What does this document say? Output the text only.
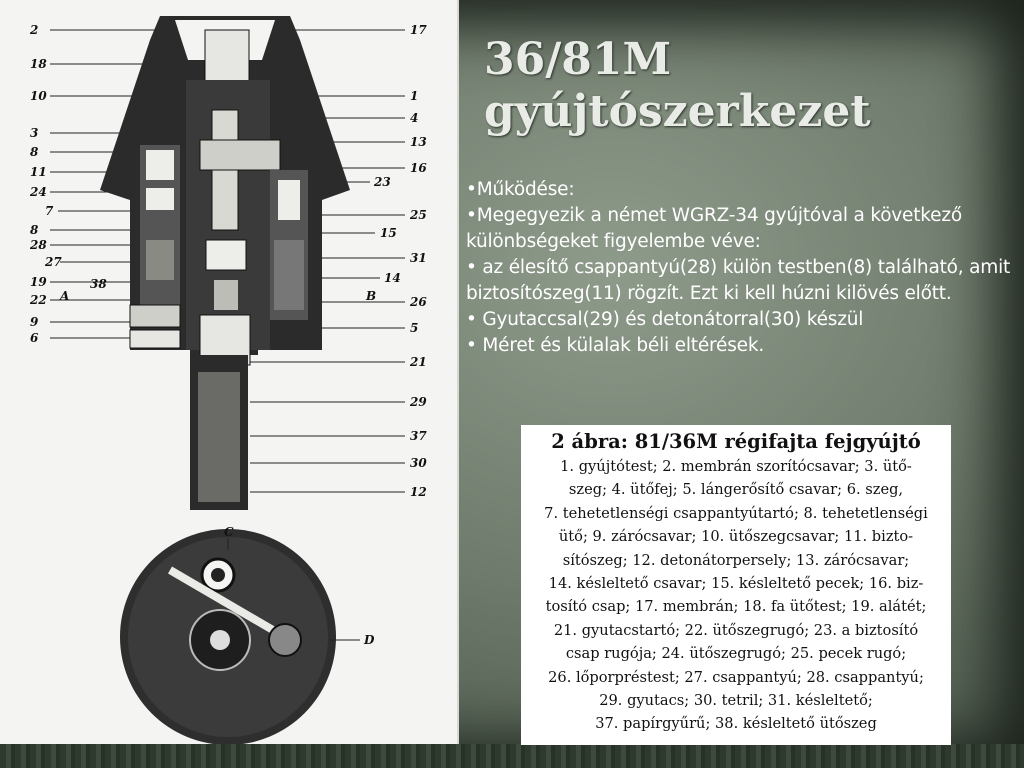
2
18
10
3
8
11
24
7
8
28
27
19
22
9
6
17
1
4
13
16
23
25
15
31
14
26
5
21
29
37
30
12
A
38
B
C
D
36/81M
gyújtószerkezet
•Működése:
•Megegyezik a német WGRZ-34 gyújtóval a következő különbségeket figyelembe véve:
• az élesítő csappantyú(28) külön testben(8) található, amit biztosítószeg(11) rögzít. Ezt ki kell húzni kilövés előtt.
• Gyutaccsal(29) és detonátorral(30) készül
• Méret és külalak béli eltérések.
2 ábra: 81/36M régifajta fejgyújtó
1. gyújtótest; 2. membrán szorítócsavar; 3. ütő-
szeg; 4. ütőfej; 5. lángerősítő csavar; 6. szeg,
7. tehetetlenségi csappantyútartó; 8. tehetetlenségi
ütő; 9. zárócsavar; 10. ütőszegcsavar; 11. bizto-
sítószeg; 12. detonátorpersely; 13. zárócsavar;
14. késleltető csavar; 15. késleltető pecek; 16. biz-
tosító csap; 17. membrán; 18. fa ütőtest; 19. alátét;
21. gyutacstartó; 22. ütőszegrugó; 23. a biztosító
csap rugója; 24. ütőszegrugó; 25. pecek rugó;
26. lőporpréstest; 27. csappantyú; 28. csappantyú;
29. gyutacs; 30. tetril; 31. késleltető;
37. papírgyűrű; 38. késleltető ütőszeg
